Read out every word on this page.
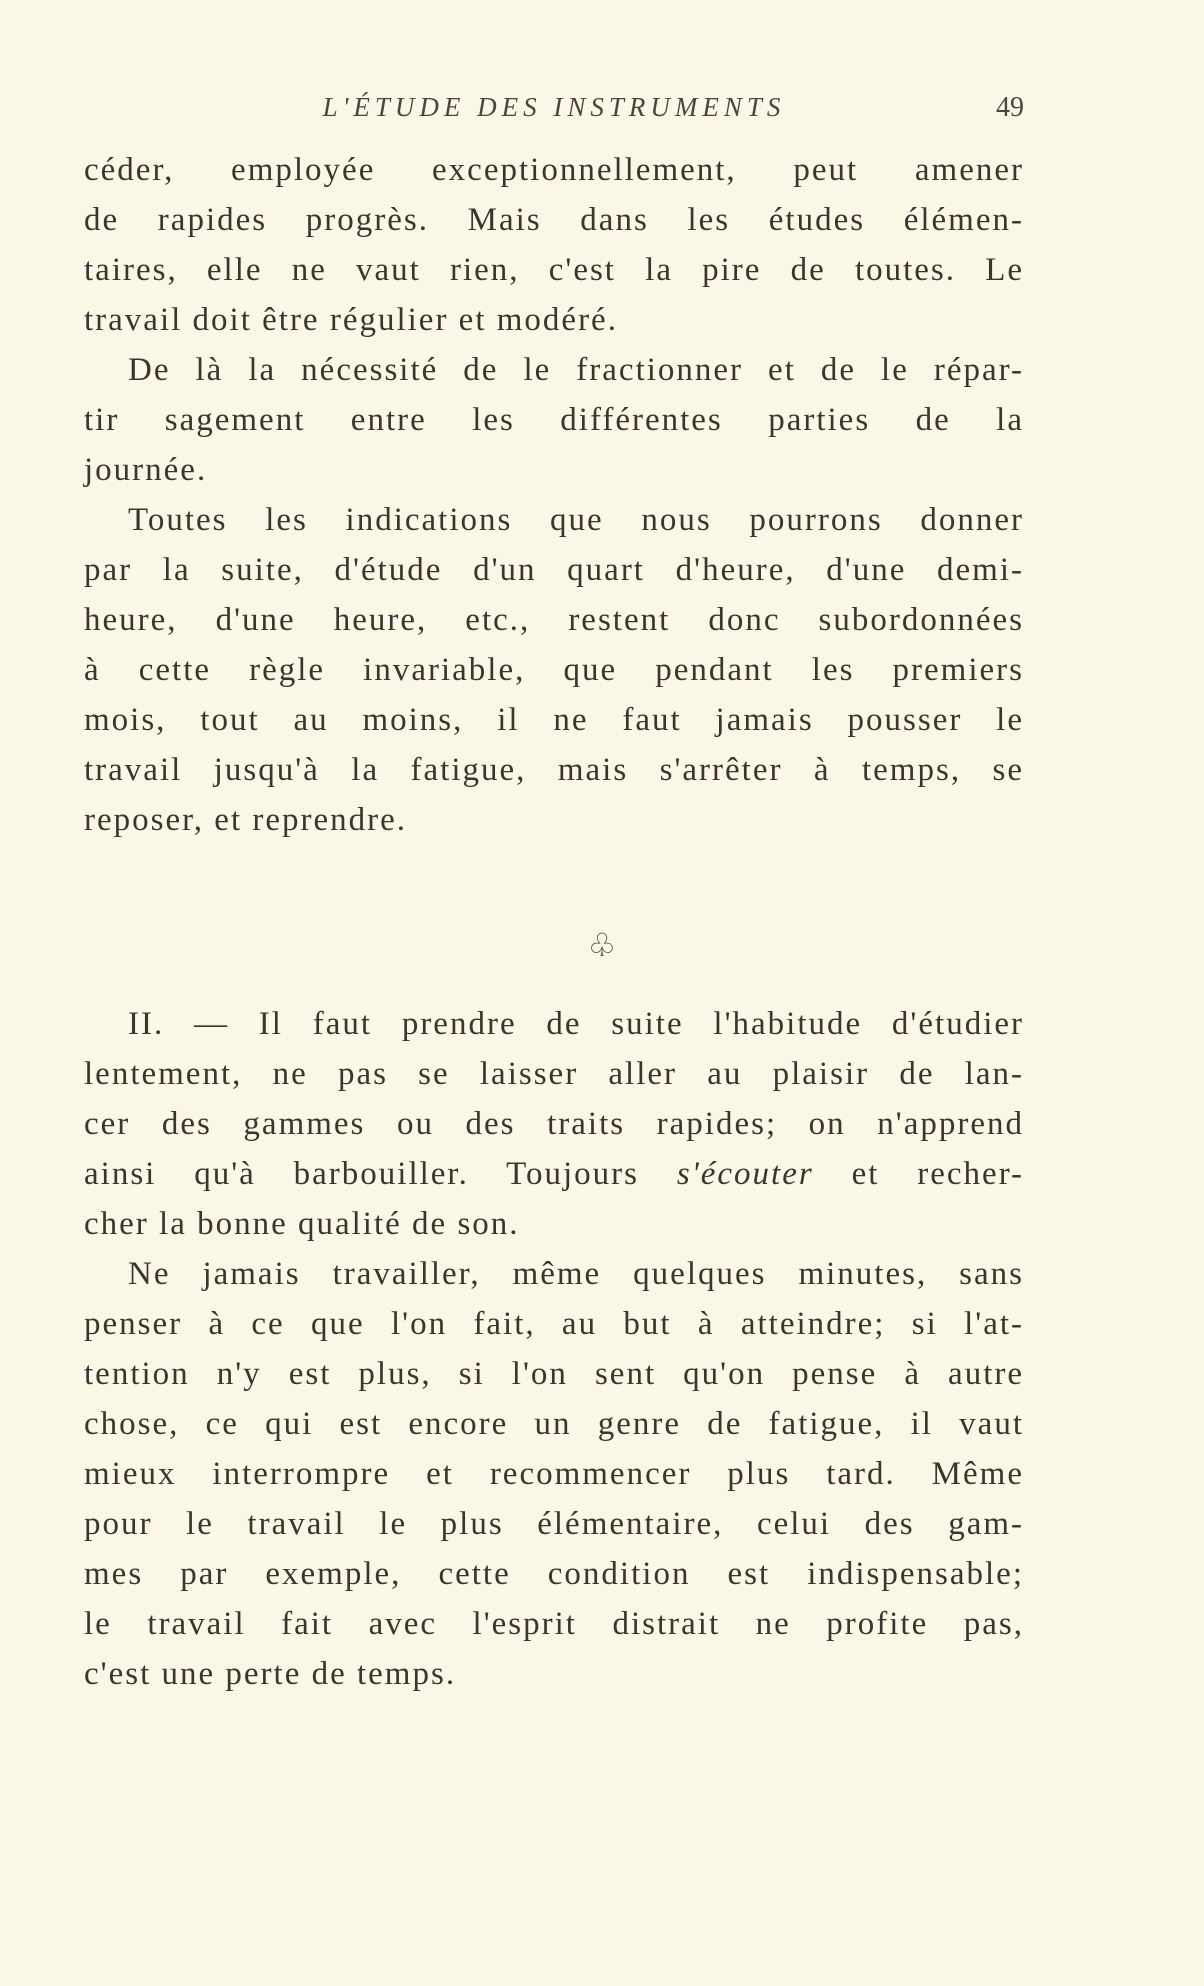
L'ÉTUDE DES INSTRUMENTS	49
céder, employée exceptionnellement, peut amener
de rapides progrès. Mais dans les études élémen-
taires, elle ne vaut rien, c'est la pire de toutes. Le
travail doit être régulier et modéré.
De là la nécessité de le fractionner et de le répar-
tir sagement entre les différentes parties de la
journée.
Toutes les indications que nous pourrons donner
par la suite, d'étude d'un quart d'heure, d'une demi-
heure, d'une heure, etc., restent donc subordonnées
à cette règle invariable, que pendant les premiers
mois, tout au moins, il ne faut jamais pousser le
travail jusqu'à la fatigue, mais s'arrêter à temps, se
reposer, et reprendre.
♧
II. — Il faut prendre de suite l'habitude d'étudier
lentement, ne pas se laisser aller au plaisir de lan-
cer des gammes ou des traits rapides; on n'apprend
ainsi qu'à barbouiller. Toujours s'écouter et recher-
cher la bonne qualité de son.
Ne jamais travailler, même quelques minutes, sans
penser à ce que l'on fait, au but à atteindre; si l'at-
tention n'y est plus, si l'on sent qu'on pense à autre
chose, ce qui est encore un genre de fatigue, il vaut
mieux interrompre et recommencer plus tard. Même
pour le travail le plus élémentaire, celui des gam-
mes par exemple, cette condition est indispensable;
le travail fait avec l'esprit distrait ne profite pas,
c'est une perte de temps.
